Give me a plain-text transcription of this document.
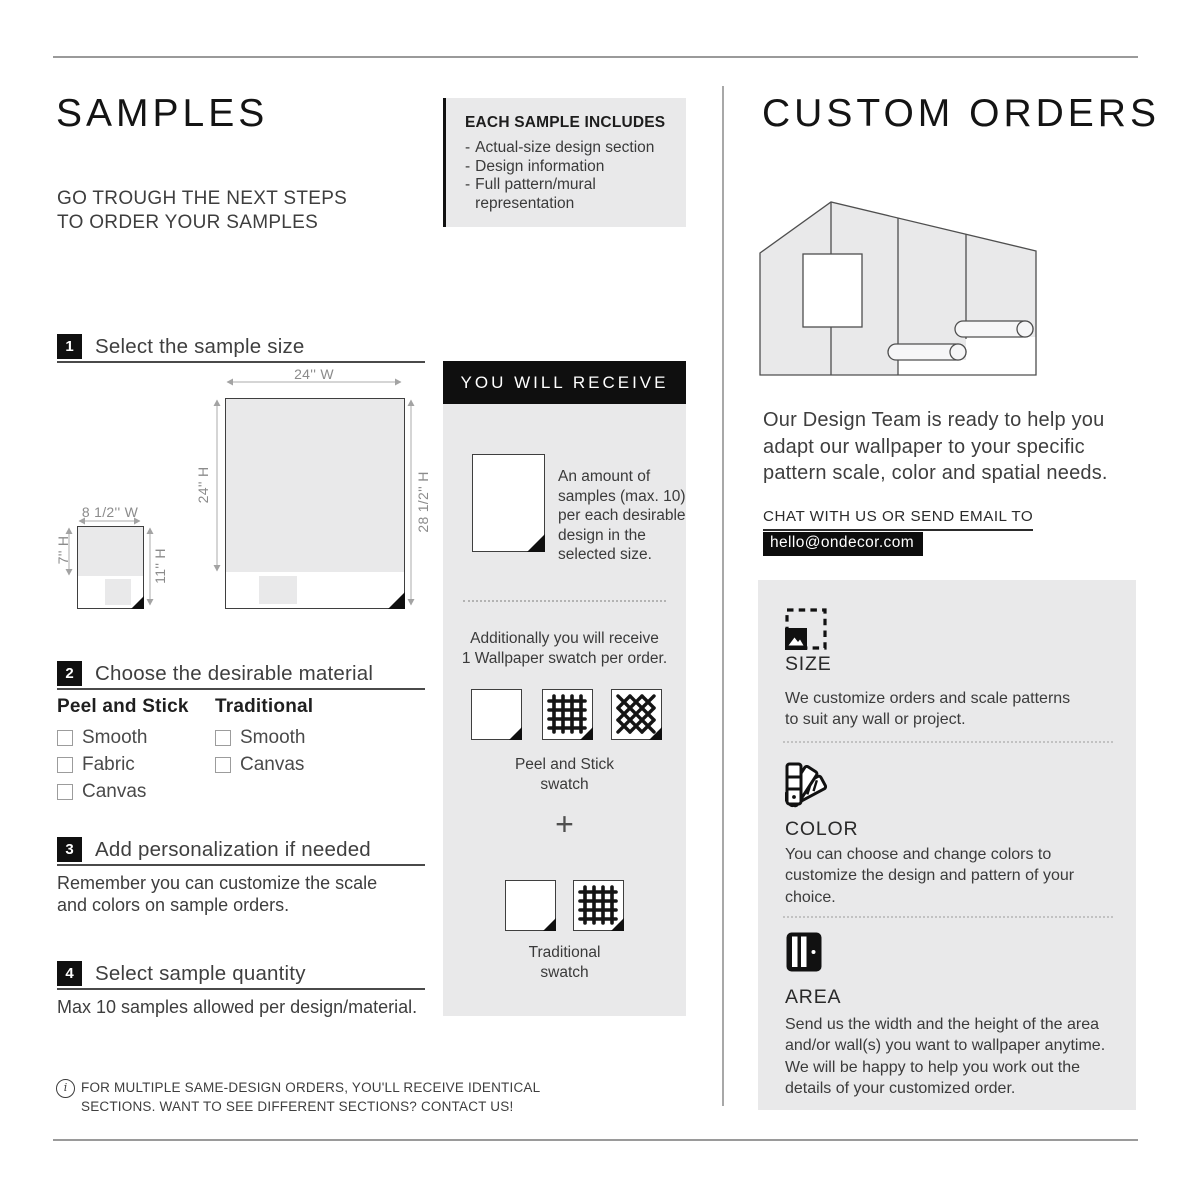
SAMPLES
GO TROUGH THE NEXT STEPS
TO ORDER YOUR SAMPLES
1	Select the sample size
24'' W
24'' H	28 1/2'' H
8 1/2'' W
7'' H	11'' H
2	Choose the desirable material
Peel and Stick
Smooth
Fabric
Canvas
Traditional
Smooth
Canvas
3	Add personalization if needed
Remember you can customize the scale
and colors on sample orders.
4	Select sample quantity
Max 10 samples allowed per design/material.
i	FOR MULTIPLE SAME-DESIGN ORDERS, YOU'LL RECEIVE IDENTICAL
SECTIONS. WANT TO SEE DIFFERENT SECTIONS? CONTACT US!
EACH SAMPLE INCLUDES
- Actual-size design section
- Design information
- Full pattern/mural representation
YOU WILL RECEIVE
An amount of
samples (max. 10)
per each desirable
design in the
selected size.
Additionally you will receive
1 Wallpaper swatch per order.
Peel and Stick
swatch
+
Traditional
swatch
CUSTOM ORDERS
Our Design Team is ready to help you
adapt our wallpaper to your specific
pattern scale, color and spatial needs.
CHAT WITH US OR SEND EMAIL TO
hello@ondecor.com
SIZE
We customize orders and scale patterns
to suit any wall or project.
COLOR
You can choose and change colors to
customize the design and pattern of your
choice.
AREA
Send us the width and the height of the area
and/or wall(s) you want to wallpaper anytime.
We will be happy to help you work out the
details of your customized order.
